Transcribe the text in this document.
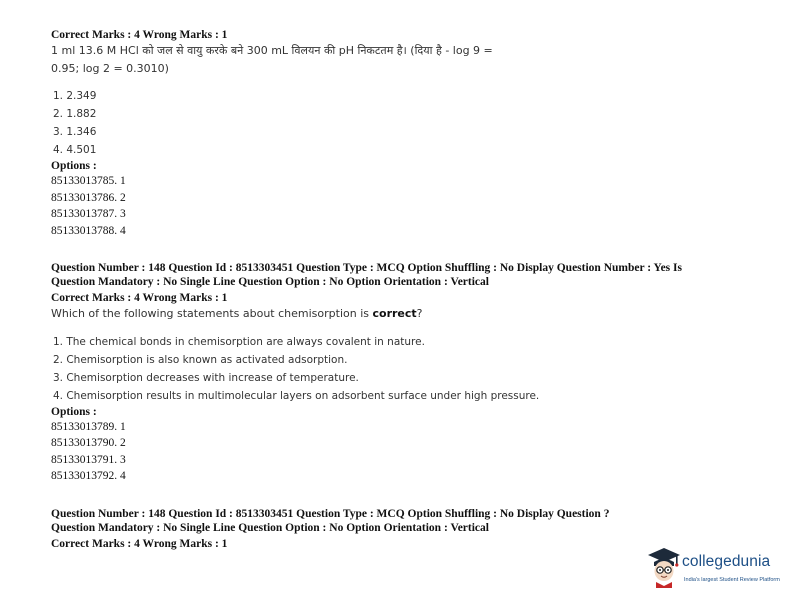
Correct Marks : 4 Wrong Marks : 1
1 ml 13.6 M HCl को जल से वायु करके बने 300 mL विलयन की pH निकटतम है। (दिया है - log 9 =
0.95; log 2 = 0.3010)
1. 2.349
2. 1.882
3. 1.346
4. 4.501
Options :
85133013785. 1
85133013786. 2
85133013787. 3
85133013788. 4
Question Number : 148 Question Id : 8513303451 Question Type : MCQ Option Shuffling : No Display Question Number : Yes Is
Question Mandatory : No Single Line Question Option : No Option Orientation : Vertical
Correct Marks : 4 Wrong Marks : 1
Which of the following statements about chemisorption is correct?
1. The chemical bonds in chemisorption are always covalent in nature.
2. Chemisorption is also known as activated adsorption.
3. Chemisorption decreases with increase of temperature.
4. Chemisorption results in multimolecular layers on adsorbent surface under high pressure.
Options :
85133013789. 1
85133013790. 2
85133013791. 3
85133013792. 4
Question Number : 148 Question Id : 8513303451 Question Type : MCQ Option Shuffling : No Display Question ?
Question Mandatory : No Single Line Question Option : No Option Orientation : Vertical
Correct Marks : 4 Wrong Marks : 1
collegedunia
India's largest Student Review Platform
